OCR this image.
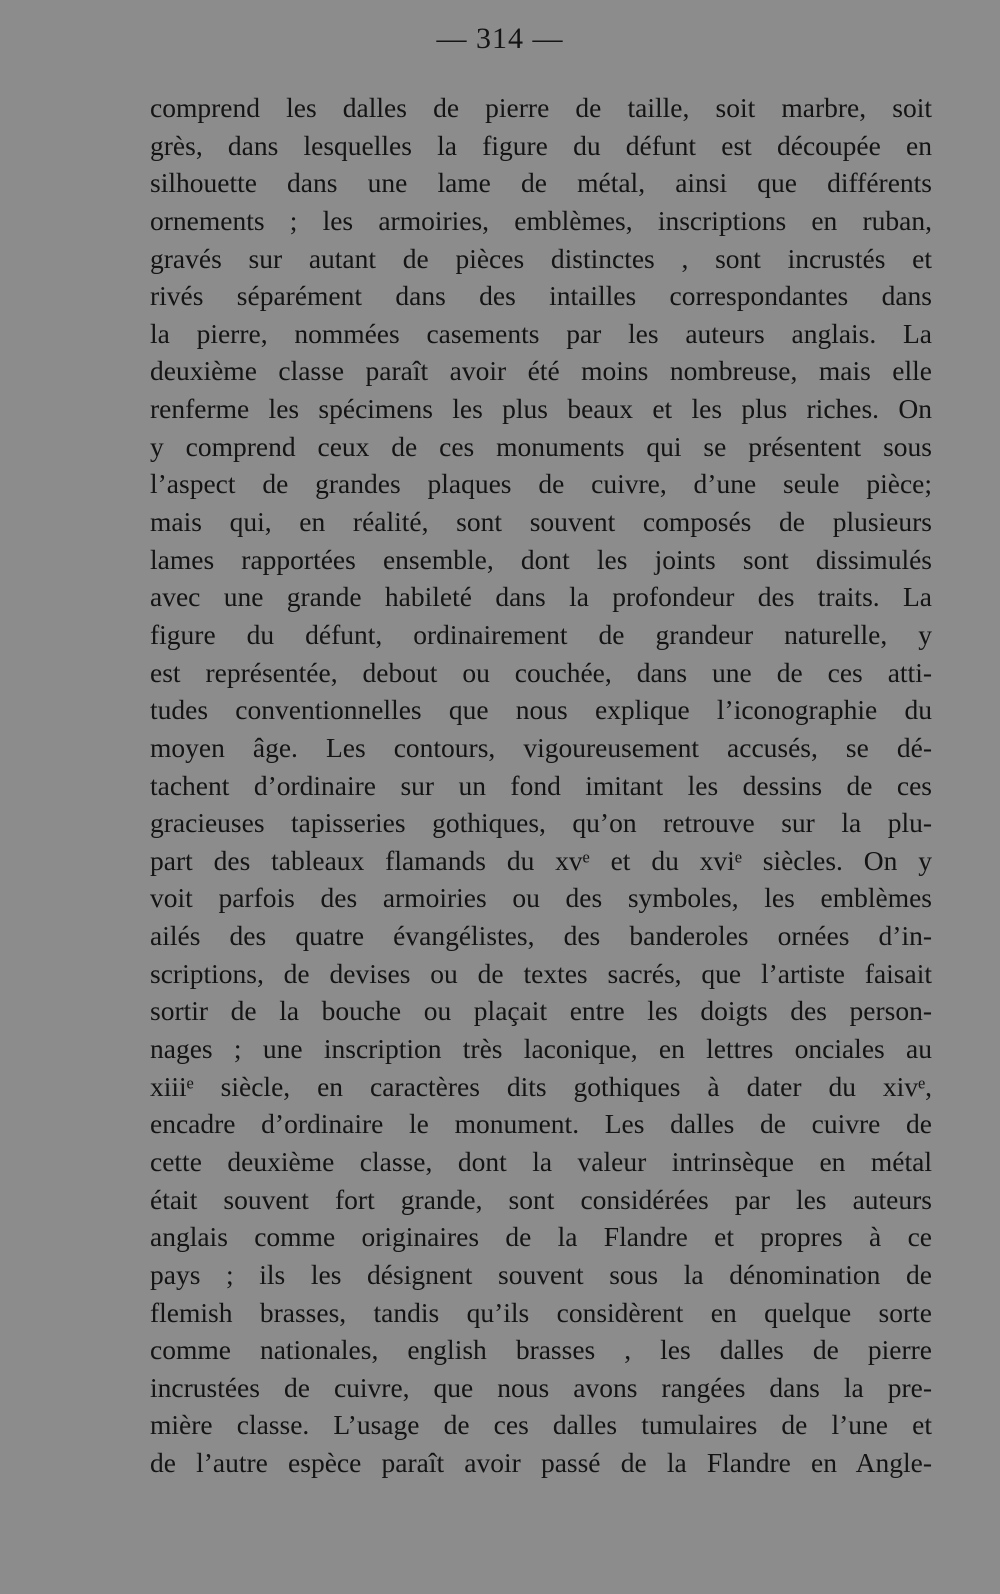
— 314 —
comprend les dalles de pierre de taille, soit marbre, soit
grès, dans lesquelles la figure du défunt est découpée en
silhouette dans une lame de métal, ainsi que différents
ornements ; les armoiries, emblèmes, inscriptions en ruban,
gravés sur autant de pièces distinctes , sont incrustés et
rivés séparément dans des intailles correspondantes dans
la pierre, nommées casements par les auteurs anglais. La
deuxième classe paraît avoir été moins nombreuse, mais elle
renferme les spécimens les plus beaux et les plus riches. On
y comprend ceux de ces monuments qui se présentent sous
l’aspect de grandes plaques de cuivre, d’une seule pièce;
mais qui, en réalité, sont souvent composés de plusieurs
lames rapportées ensemble, dont les joints sont dissimulés
avec une grande habileté dans la profondeur des traits. La
figure du défunt, ordinairement de grandeur naturelle, y
est représentée, debout ou couchée, dans une de ces atti-
tudes conventionnelles que nous explique l’iconographie du
moyen âge. Les contours, vigoureusement accusés, se dé-
tachent d’ordinaire sur un fond imitant les dessins de ces
gracieuses tapisseries gothiques, qu’on retrouve sur la plu-
part des tableaux flamands du xvᵉ et du xviᵉ siècles. On y
voit parfois des armoiries ou des symboles, les emblèmes
ailés des quatre évangélistes, des banderoles ornées d’in-
scriptions, de devises ou de textes sacrés, que l’artiste faisait
sortir de la bouche ou plaçait entre les doigts des person-
nages ; une inscription très laconique, en lettres onciales au
xiiiᵉ siècle, en caractères dits gothiques à dater du xivᵉ,
encadre d’ordinaire le monument. Les dalles de cuivre de
cette deuxième classe, dont la valeur intrinsèque en métal
était souvent fort grande, sont considérées par les auteurs
anglais comme originaires de la Flandre et propres à ce
pays ; ils les désignent souvent sous la dénomination de
flemish brasses, tandis qu’ils considèrent en quelque sorte
comme nationales, english brasses , les dalles de pierre
incrustées de cuivre, que nous avons rangées dans la pre-
mière classe. L’usage de ces dalles tumulaires de l’une et
de l’autre espèce paraît avoir passé de la Flandre en Angle-
